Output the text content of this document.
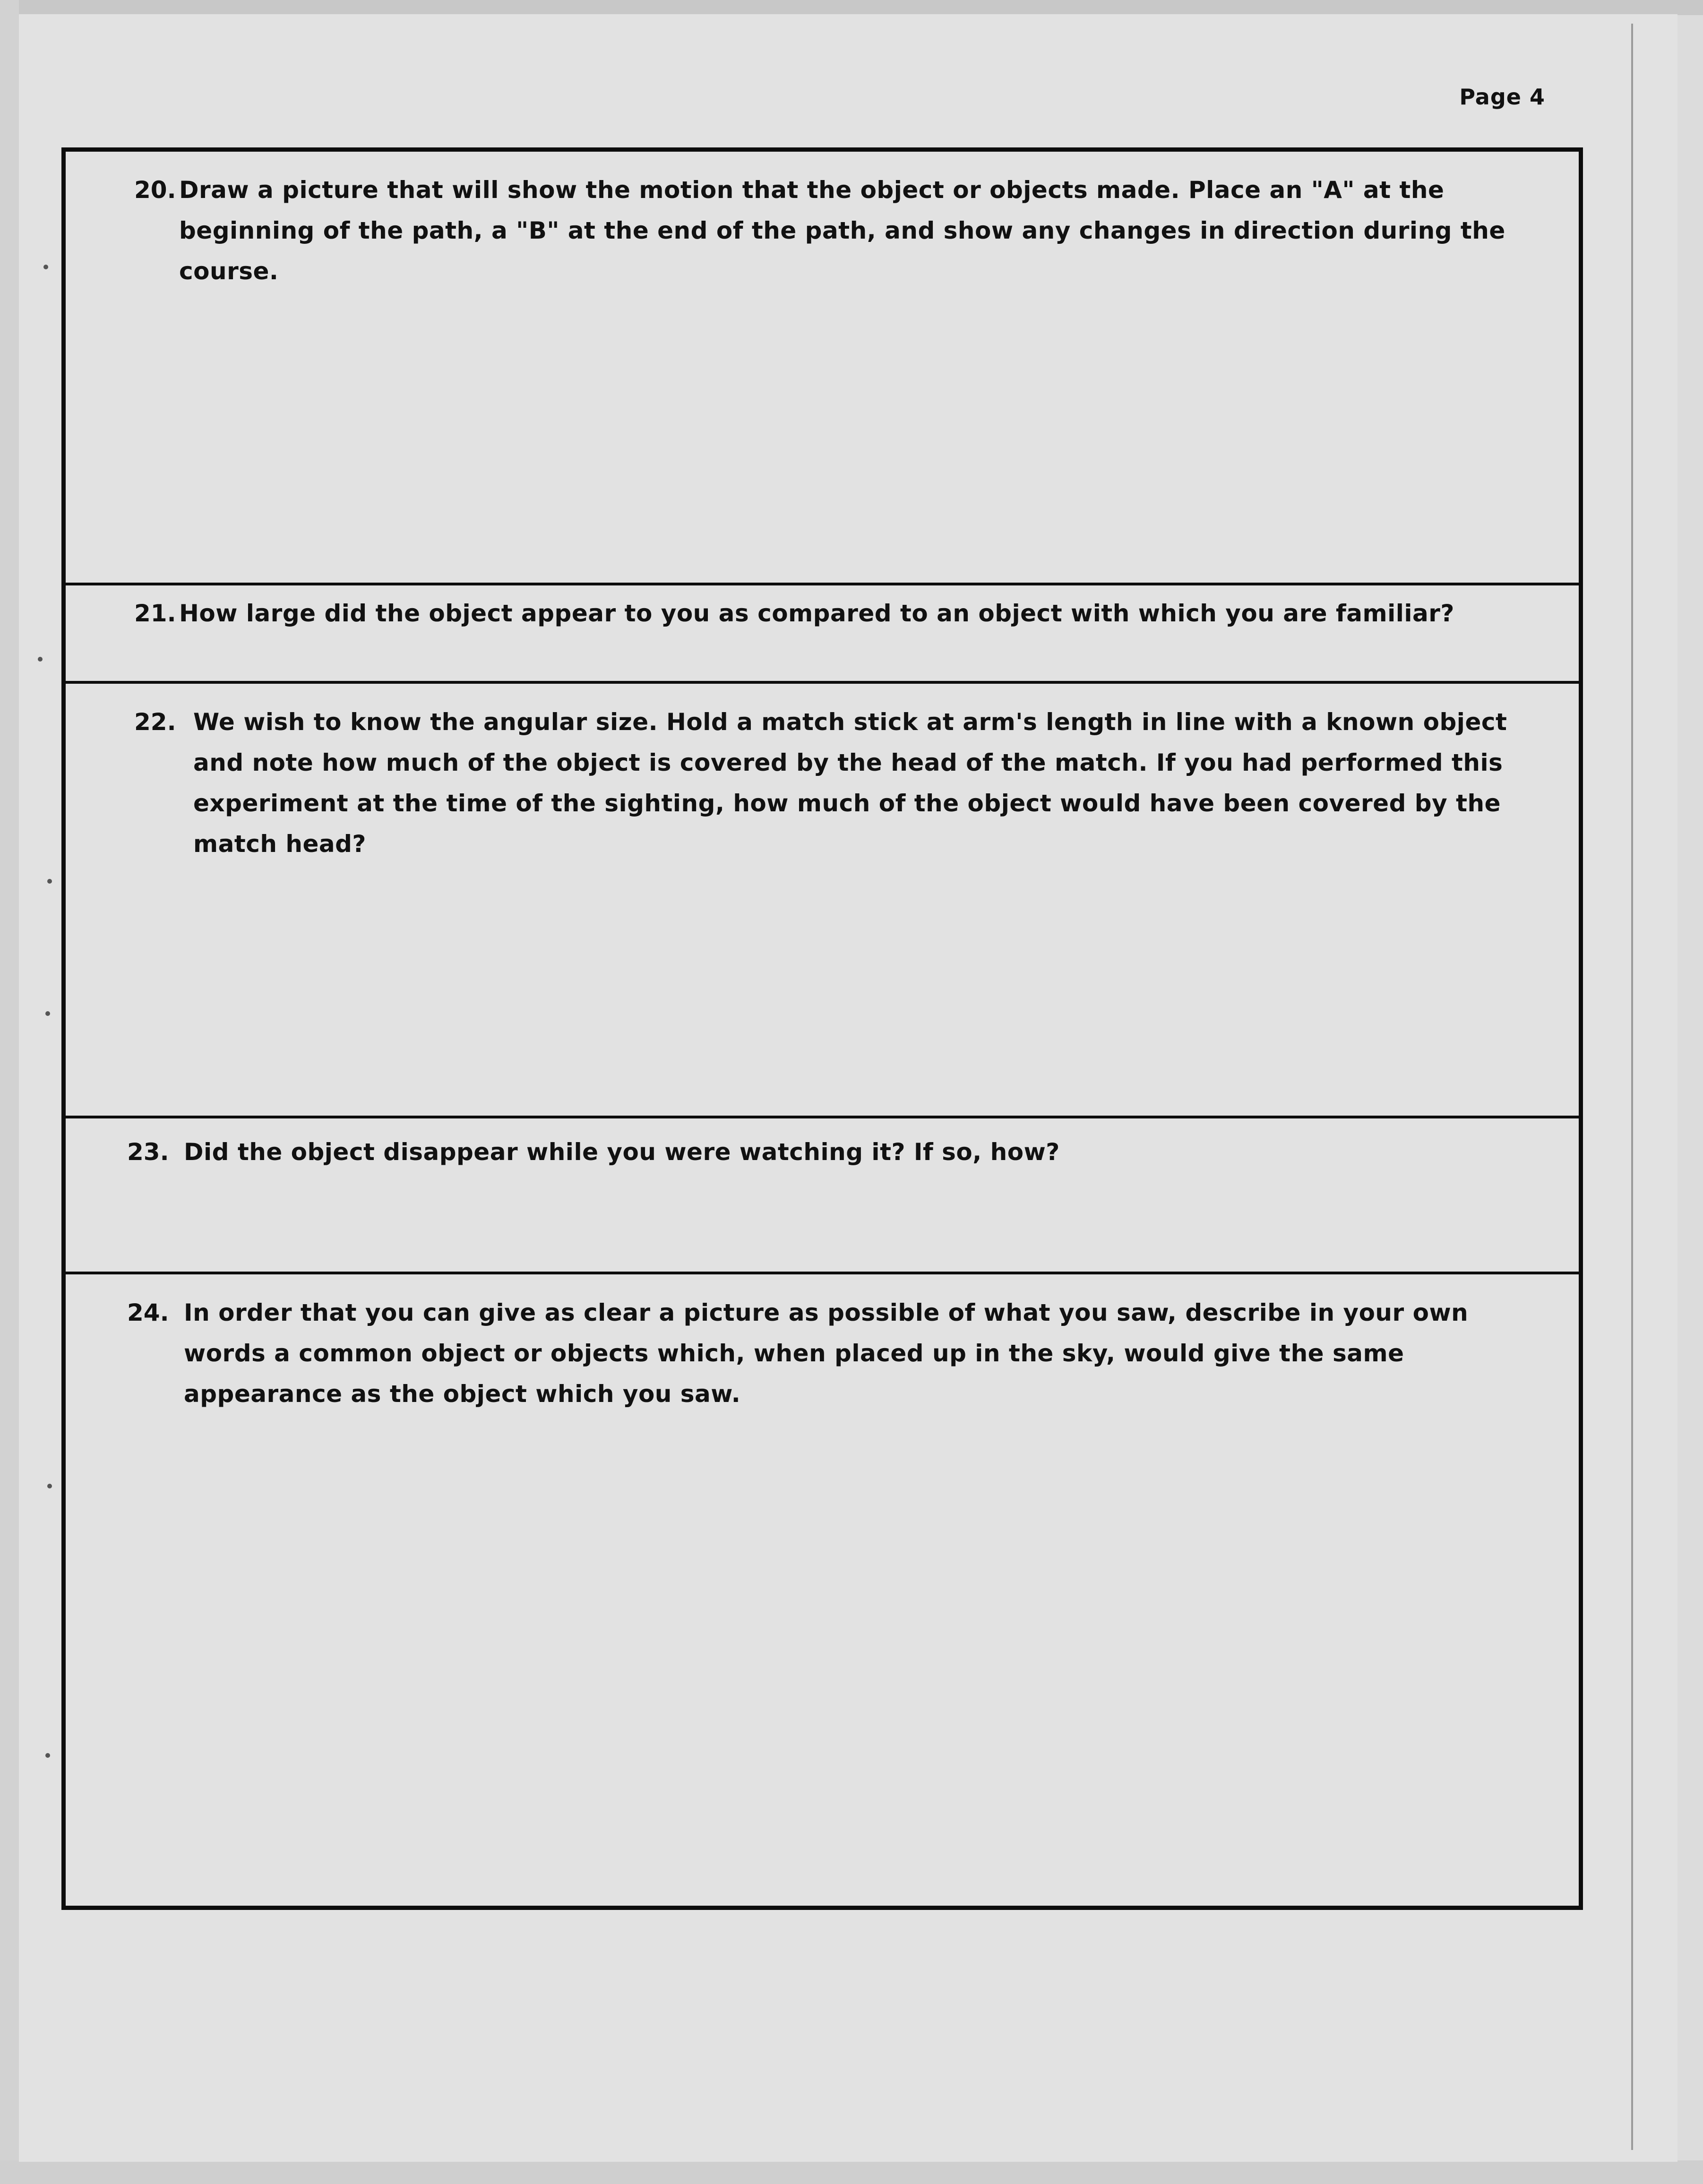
Page 4
20. Draw a picture that will show the motion that the object or objects made. Place an "A" at the beginning of the path, a "B" at the end of the path, and show any changes in direction during the course.
21. How large did the object appear to you as compared to an object with which you are familiar?
22. We wish to know the angular size. Hold a match stick at arm's length in line with a known object and note how much of the object is covered by the head of the match. If you had performed this experiment at the time of the sighting, how much of the object would have been covered by the match head?
23. Did the object disappear while you were watching it? If so, how?
24. In order that you can give as clear a picture as possible of what you saw, describe in your own words a common object or objects which, when placed up in the sky, would give the same appearance as the object which you saw.
